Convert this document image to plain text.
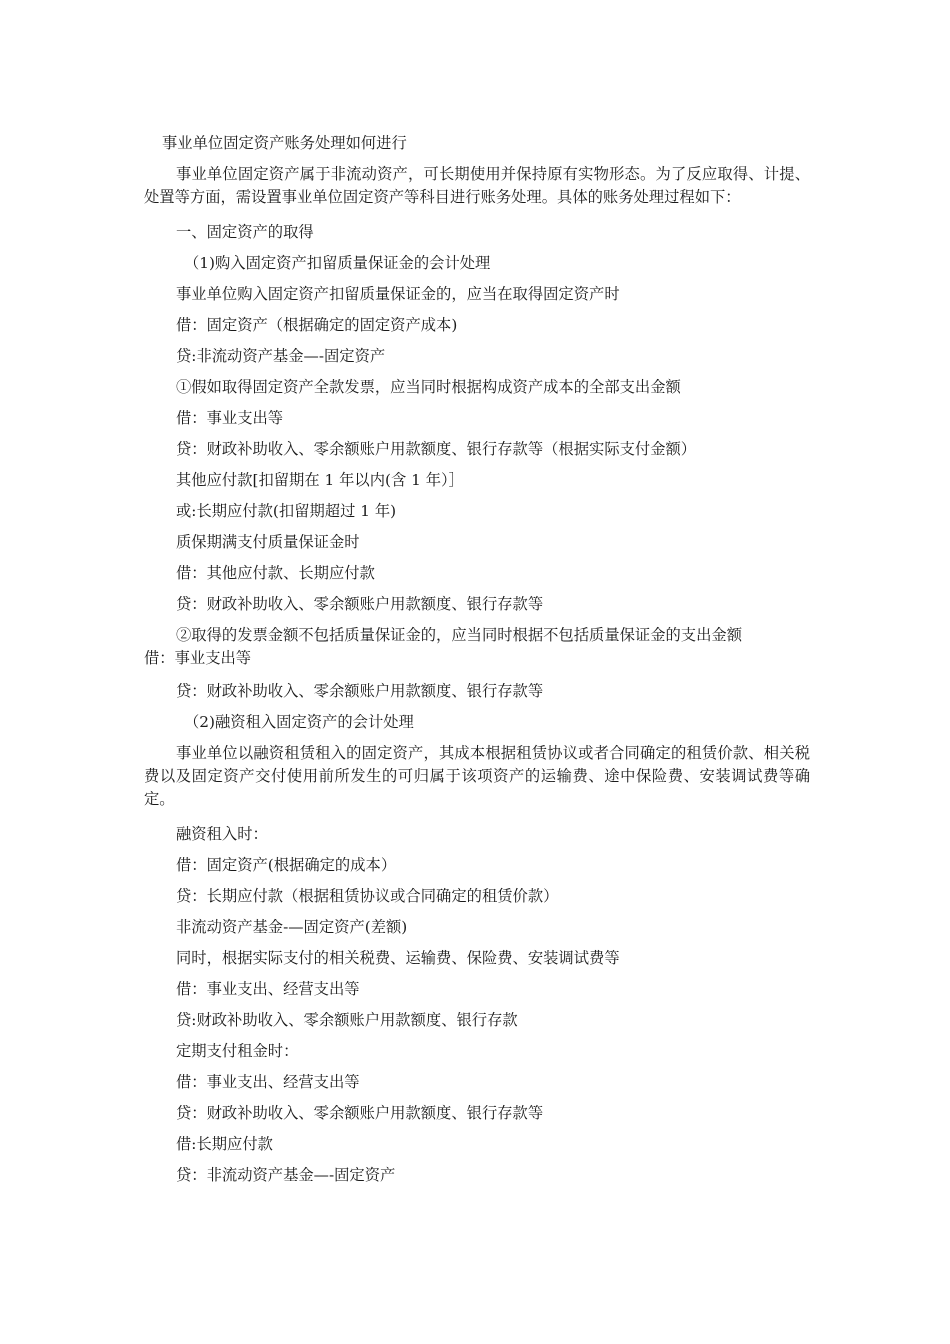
事业单位固定资产账务处理如何进行

事业单位固定资产属于非流动资产，可长期使用并保持原有实物形态。为了反应取得、计提、处置等方面，需设置事业单位固定资产等科目进行账务处理。具体的账务处理过程如下：

一、固定资产的取得

（1)购入固定资产扣留质量保证金的会计处理

事业单位购入固定资产扣留质量保证金的，应当在取得固定资产时

借：固定资产（根据确定的固定资产成本)

贷:非流动资产基金—-固定资产

①假如取得固定资产全款发票，应当同时根据构成资产成本的全部支出金额

借：事业支出等

贷：财政补助收入、零余额账户用款额度、银行存款等（根据实际支付金额）

其他应付款[扣留期在 1 年以内(含 1 年）］

或:长期应付款(扣留期超过 1 年)

质保期满支付质量保证金时

借：其他应付款、长期应付款

贷：财政补助收入、零余额账户用款额度、银行存款等

②取得的发票金额不包括质量保证金的，应当同时根据不包括质量保证金的支出金额
借：事业支出等

贷：财政补助收入、零余额账户用款额度、银行存款等

（2)融资租入固定资产的会计处理

事业单位以融资租赁租入的固定资产，其成本根据租赁协议或者合同确定的租赁价款、相关税费以及固定资产交付使用前所发生的可归属于该项资产的运输费、途中保险费、安装调试费等确定。

融资租入时：

借：固定资产(根据确定的成本）

贷：长期应付款（根据租赁协议或合同确定的租赁价款）

非流动资产基金-—固定资产(差额)

同时，根据实际支付的相关税费、运输费、保险费、安装调试费等

借：事业支出、经营支出等

贷:财政补助收入、零余额账户用款额度、银行存款

定期支付租金时：

借：事业支出、经营支出等

贷：财政补助收入、零余额账户用款额度、银行存款等

借:长期应付款

贷：非流动资产基金—-固定资产
